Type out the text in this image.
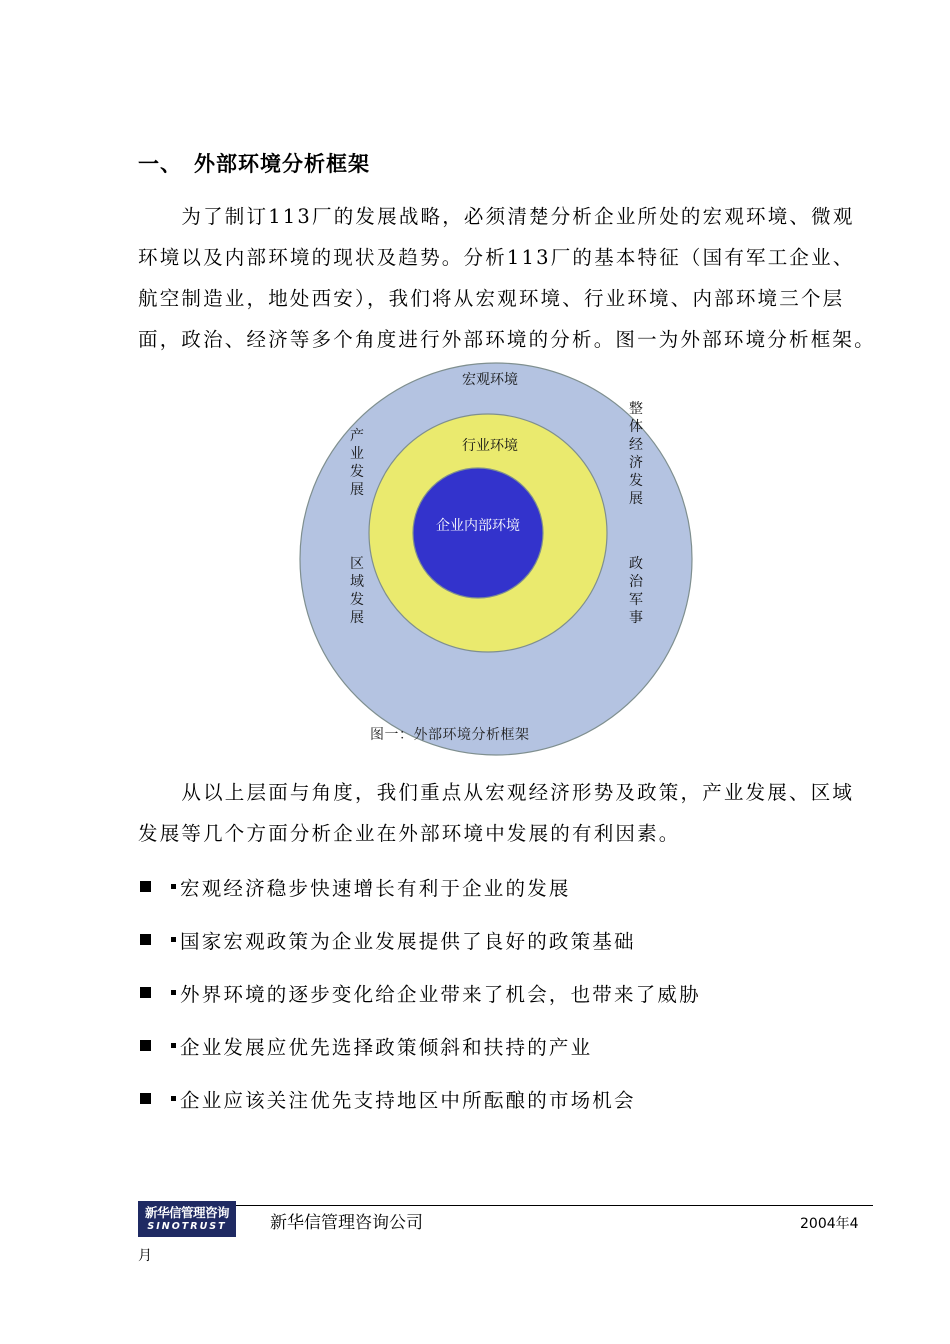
一、 外部环境分析框架
　　为了制订113厂的发展战略，必须清楚分析企业所处的宏观环境、微观
环境以及内部环境的现状及趋势。分析113厂的基本特征（国有军工企业、
航空制造业，地处西安），我们将从宏观环境、行业环境、内部环境三个层
面，政治、经济等多个角度进行外部环境的分析。图一为外部环境分析框架。
宏观环境
行业环境
企业内部环境
产
业
发
展
区
域
发
展
整
体
经
济
发
展
政
治
军
事
图一：外部环境分析框架
　　从以上层面与角度，我们重点从宏观经济形势及政策，产业发展、区域
发展等几个方面分析企业在外部环境中发展的有利因素。
宏观经济稳步快速增长有利于企业的发展
国家宏观政策为企业发展提供了良好的政策基础
外界环境的逐步变化给企业带来了机会，也带来了威胁
企业发展应优先选择政策倾斜和扶持的产业
企业应该关注优先支持地区中所酝酿的市场机会
新华信管理咨询
SINOTRUST	新华信管理咨询公司	2004年4
月
